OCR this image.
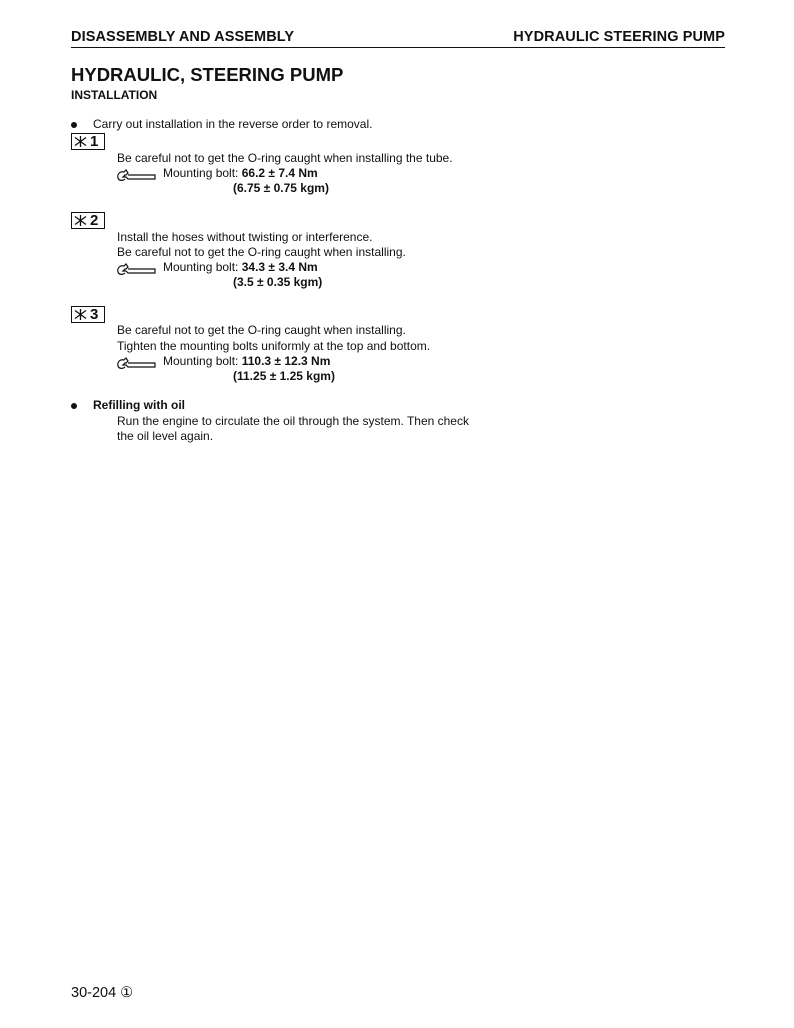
DISASSEMBLY AND ASSEMBLY	HYDRAULIC STEERING PUMP
HYDRAULIC, STEERING PUMP
INSTALLATION
Carry out installation in the reverse order to removal.
1
Be careful not to get the O-ring caught when installing the tube.
Mounting bolt: 66.2 ± 7.4 Nm
(6.75 ± 0.75 kgm)
2
Install the hoses without twisting or interference.
Be careful not to get the O-ring caught when installing.
Mounting bolt: 34.3 ± 3.4 Nm
(3.5 ± 0.35 kgm)
3
Be careful not to get the O-ring caught when installing.
Tighten the mounting bolts uniformly at the top and bottom.
Mounting bolt: 110.3 ± 12.3 Nm
(11.25 ± 1.25 kgm)
Refilling with oil
Run the engine to circulate the oil through the system. Then check
the oil level again.
30-204 ①
